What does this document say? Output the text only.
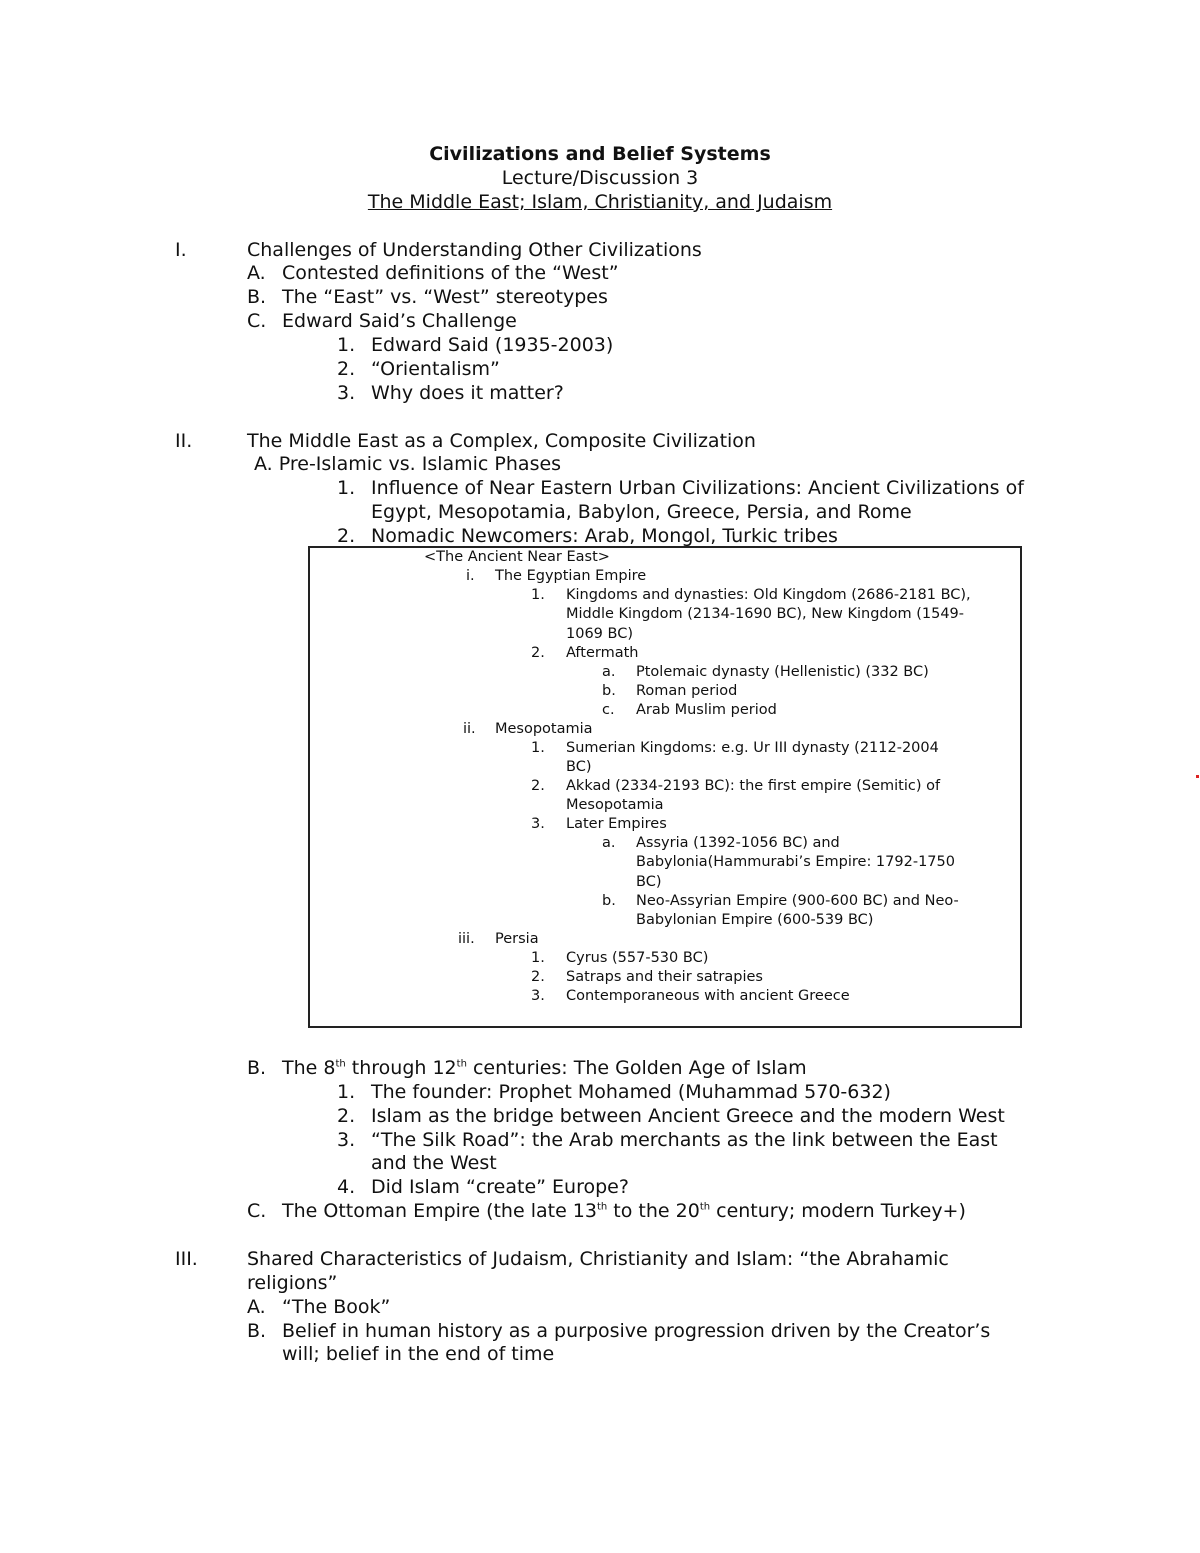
Civilizations and Belief Systems
Lecture/Discussion 3
The Middle East; Islam, Christianity, and Judaism
I.	Challenges of Understanding Other Civilizations
A. Contested definitions of the “West”
B. The “East” vs. “West” stereotypes
C. Edward Said’s Challenge
1. Edward Said (1935-2003)
2. “Orientalism”
3. Why does it matter?
II.	The Middle East as a Complex, Composite Civilization
A. Pre-Islamic vs. Islamic Phases
1. Influence of Near Eastern Urban Civilizations: Ancient Civilizations of
Egypt, Mesopotamia, Babylon, Greece, Persia, and Rome
2. Nomadic Newcomers: Arab, Mongol, Turkic tribes
<The Ancient Near East>
i. The Egyptian Empire
1. Kingdoms and dynasties: Old Kingdom (2686-2181 BC),
Middle Kingdom (2134-1690 BC), New Kingdom (1549-
1069 BC)
2. Aftermath
a. Ptolemaic dynasty (Hellenistic) (332 BC)
b. Roman period
c. Arab Muslim period
ii. Mesopotamia
1. Sumerian Kingdoms: e.g. Ur III dynasty (2112-2004
BC)
2. Akkad (2334-2193 BC): the first empire (Semitic) of
Mesopotamia
3. Later Empires
a. Assyria (1392-1056 BC) and
Babylonia(Hammurabi’s Empire: 1792-1750
BC)
b. Neo-Assyrian Empire (900-600 BC) and Neo-
Babylonian Empire (600-539 BC)
iii. Persia
1. Cyrus (557-530 BC)
2. Satraps and their satrapies
3. Contemporaneous with ancient Greece
B. The 8th through 12th centuries: The Golden Age of Islam
1. The founder: Prophet Mohamed (Muhammad 570-632)
2. Islam as the bridge between Ancient Greece and the modern West
3. “The Silk Road”: the Arab merchants as the link between the East
and the West
4. Did Islam “create” Europe?
C. The Ottoman Empire (the late 13th to the 20th century; modern Turkey+)
III.	Shared Characteristics of Judaism, Christianity and Islam: “the Abrahamic
religions”
A. “The Book”
B. Belief in human history as a purposive progression driven by the Creator’s
will; belief in the end of time
